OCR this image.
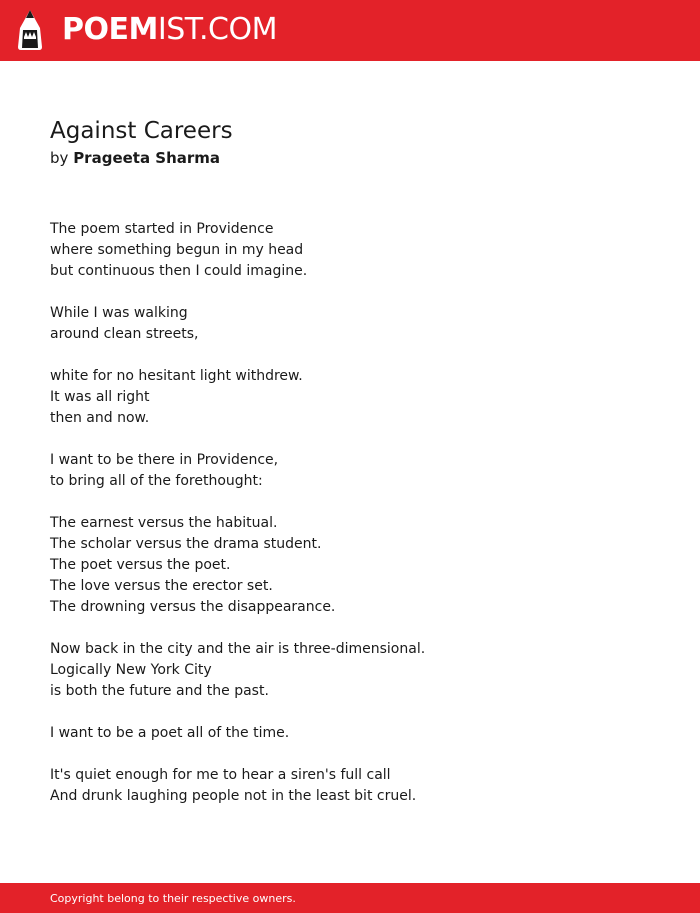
POEMIST.COM
Against Careers
by Prageeta Sharma
The poem started in Providence
where something begun in my head
but continuous then I could imagine.
While I was walking
around clean streets,
white for no hesitant light withdrew.
It was all right
then and now.
I want to be there in Providence,
to bring all of the forethought:
The earnest versus the habitual.
The scholar versus the drama student.
The poet versus the poet.
The love versus the erector set.
The drowning versus the disappearance.
Now back in the city and the air is three-dimensional.
Logically New York City
is both the future and the past.
I want to be a poet all of the time.
It's quiet enough for me to hear a siren's full call
And drunk laughing people not in the least bit cruel.
Copyright belong to their respective owners.
